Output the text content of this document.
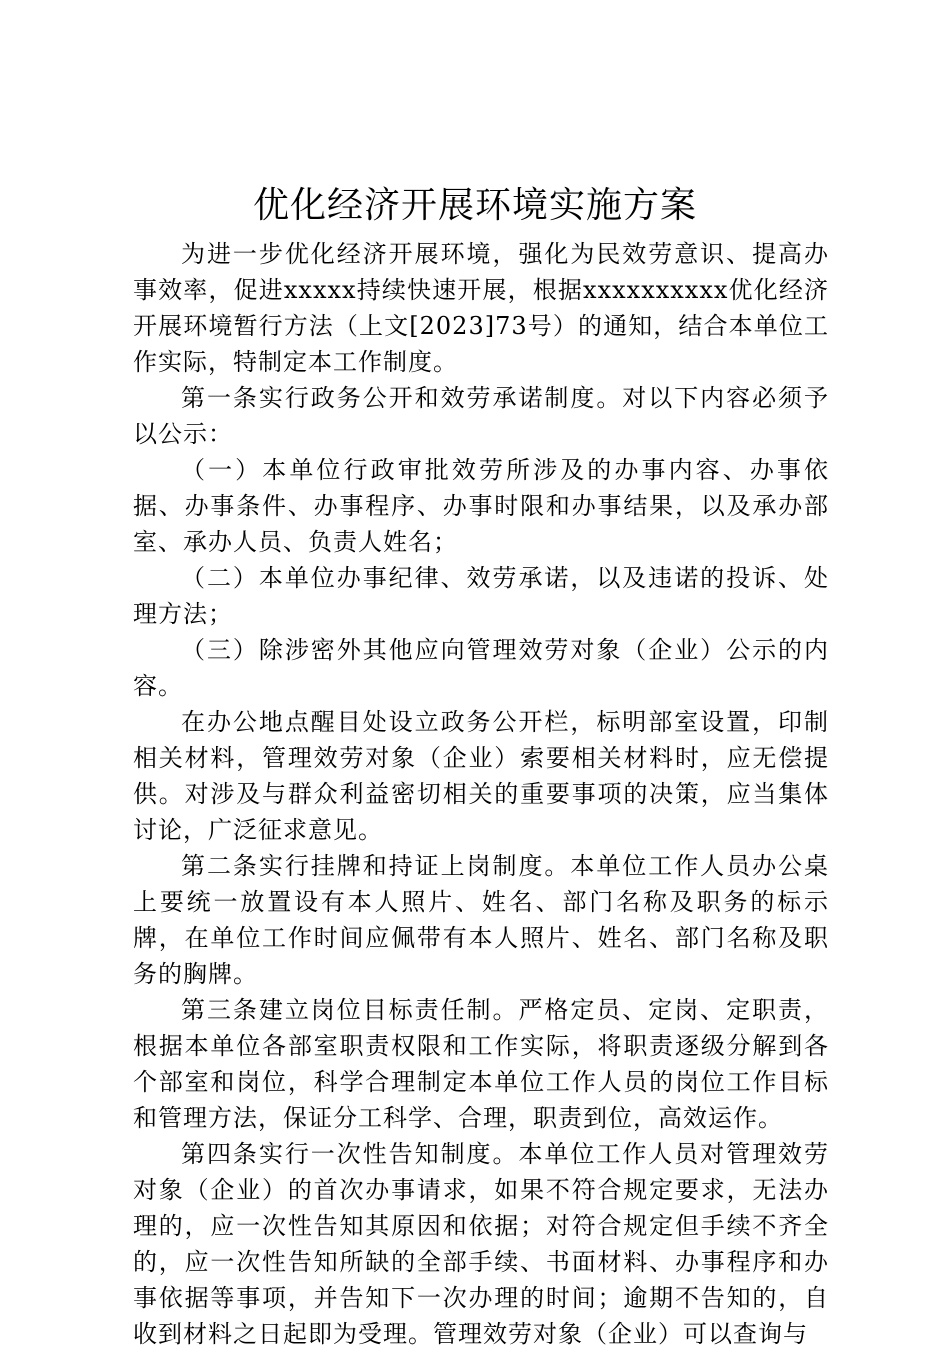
优化经济开展环境实施方案

为进一步优化经济开展环境，强化为民效劳意识、提高办事效率，促进xxxxx持续快速开展，根据xxxxxxxxxx优化经济开展环境暂行方法（上文[2023]73号）的通知，结合本单位工作实际，特制定本工作制度。

第一条实行政务公开和效劳承诺制度。对以下内容必须予以公示：

（一）本单位行政审批效劳所涉及的办事内容、办事依据、办事条件、办事程序、办事时限和办事结果，以及承办部室、承办人员、负责人姓名；

（二）本单位办事纪律、效劳承诺，以及违诺的投诉、处理方法；

（三）除涉密外其他应向管理效劳对象（企业）公示的内容。

在办公地点醒目处设立政务公开栏，标明部室设置，印制相关材料，管理效劳对象（企业）索要相关材料时，应无偿提供。对涉及与群众利益密切相关的重要事项的决策，应当集体讨论，广泛征求意见。

第二条实行挂牌和持证上岗制度。本单位工作人员办公桌上要统一放置设有本人照片、姓名、部门名称及职务的标示牌，在单位工作时间应佩带有本人照片、姓名、部门名称及职务的胸牌。

第三条建立岗位目标责任制。严格定员、定岗、定职责，根据本单位各部室职责权限和工作实际，将职责逐级分解到各个部室和岗位，科学合理制定本单位工作人员的岗位工作目标和管理方法，保证分工科学、合理，职责到位，高效运作。

第四条实行一次性告知制度。本单位工作人员对管理效劳对象（企业）的首次办事请求，如果不符合规定要求，无法办理的，应一次性告知其原因和依据；对符合规定但手续不齐全的，应一次性告知所缺的全部手续、书面材料、办事程序和办事依据等事项，并告知下一次办理的时间；逾期不告知的，自收到材料之日起即为受理。管理效劳对象（企业）可以查询与
